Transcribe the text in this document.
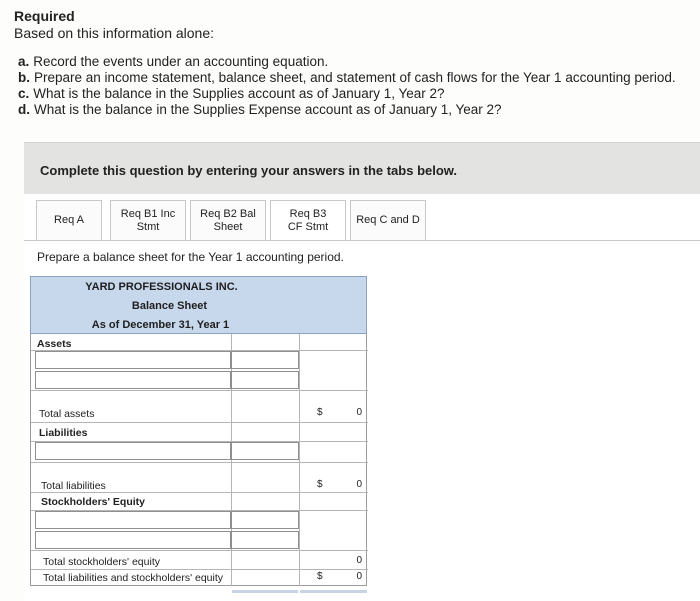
Required
Based on this information alone:
a. Record the events under an accounting equation.
b. Prepare an income statement, balance sheet, and statement of cash flows for the Year 1 accounting period.
c. What is the balance in the Supplies account as of January 1, Year 2?
d. What is the balance in the Supplies Expense account as of January 1, Year 2?
Complete this question by entering your answers in the tabs below.
Req A
Req B1 Inc Stmt
Req B2 Bal Sheet
Req B3 CF Stmt
Req C and D
Prepare a balance sheet for the Year 1 accounting period.
YARD PROFESSIONALS INC.
Balance Sheet
As of December 31, Year 1
Assets
Total assets	$	0
Liabilities
Total liabilities	$	0
Stockholders' Equity
Total stockholders' equity	0
Total liabilities and stockholders' equity	$	0
